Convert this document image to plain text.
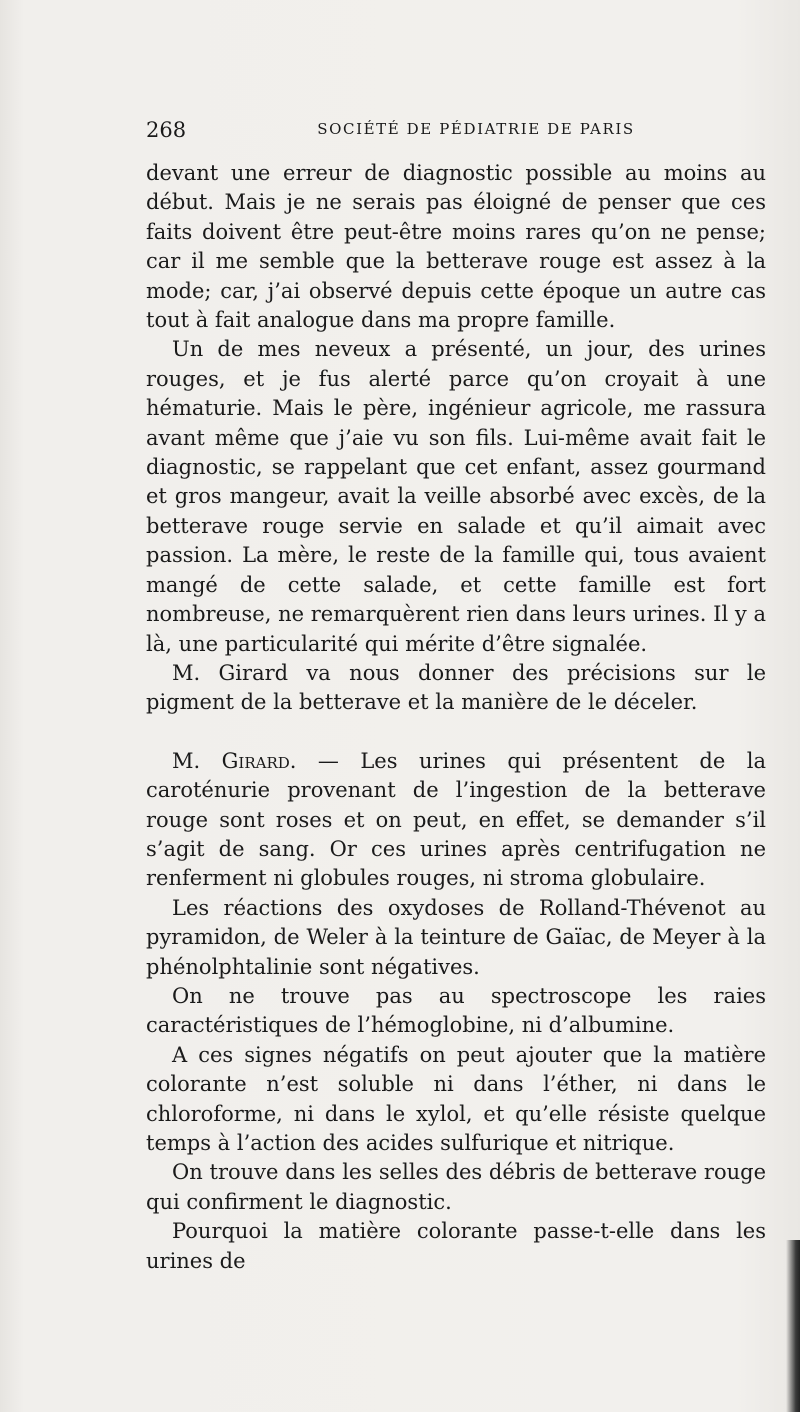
268	SOCIÉTÉ DE PÉDIATRIE DE PARIS

devant une erreur de diagnostic possible au moins au début. Mais je ne serais pas éloigné de penser que ces faits doivent être peut-être moins rares qu’on ne pense; car il me semble que la betterave rouge est assez à la mode; car, j’ai observé depuis cette époque un autre cas tout à fait analogue dans ma propre famille.

Un de mes neveux a présenté, un jour, des urines rouges, et je fus alerté parce qu’on croyait à une hématurie. Mais le père, ingénieur agricole, me rassura avant même que j’aie vu son fils. Lui-même avait fait le diagnostic, se rappelant que cet enfant, assez gourmand et gros mangeur, avait la veille absorbé avec excès, de la betterave rouge servie en salade et qu’il aimait avec passion. La mère, le reste de la famille qui, tous avaient mangé de cette salade, et cette famille est fort nombreuse, ne remarquèrent rien dans leurs urines. Il y a là, une particularité qui mérite d’être signalée.

M. Girard va nous donner des précisions sur le pigment de la betterave et la manière de le déceler.

M. Girard. — Les urines qui présentent de la caroténurie provenant de l’ingestion de la betterave rouge sont roses et on peut, en effet, se demander s’il s’agit de sang. Or ces urines après centrifugation ne renferment ni globules rouges, ni stroma globulaire.

Les réactions des oxydoses de Rolland-Thévenot au pyramidon, de Weler à la teinture de Gaïac, de Meyer à la phénolphtalinie sont négatives.

On ne trouve pas au spectroscope les raies caractéristiques de l’hémoglobine, ni d’albumine.

A ces signes négatifs on peut ajouter que la matière colorante n’est soluble ni dans l’éther, ni dans le chloroforme, ni dans le xylol, et qu’elle résiste quelque temps à l’action des acides sulfurique et nitrique.

On trouve dans les selles des débris de betterave rouge qui confirment le diagnostic.

Pourquoi la matière colorante passe-t-elle dans les urines de
